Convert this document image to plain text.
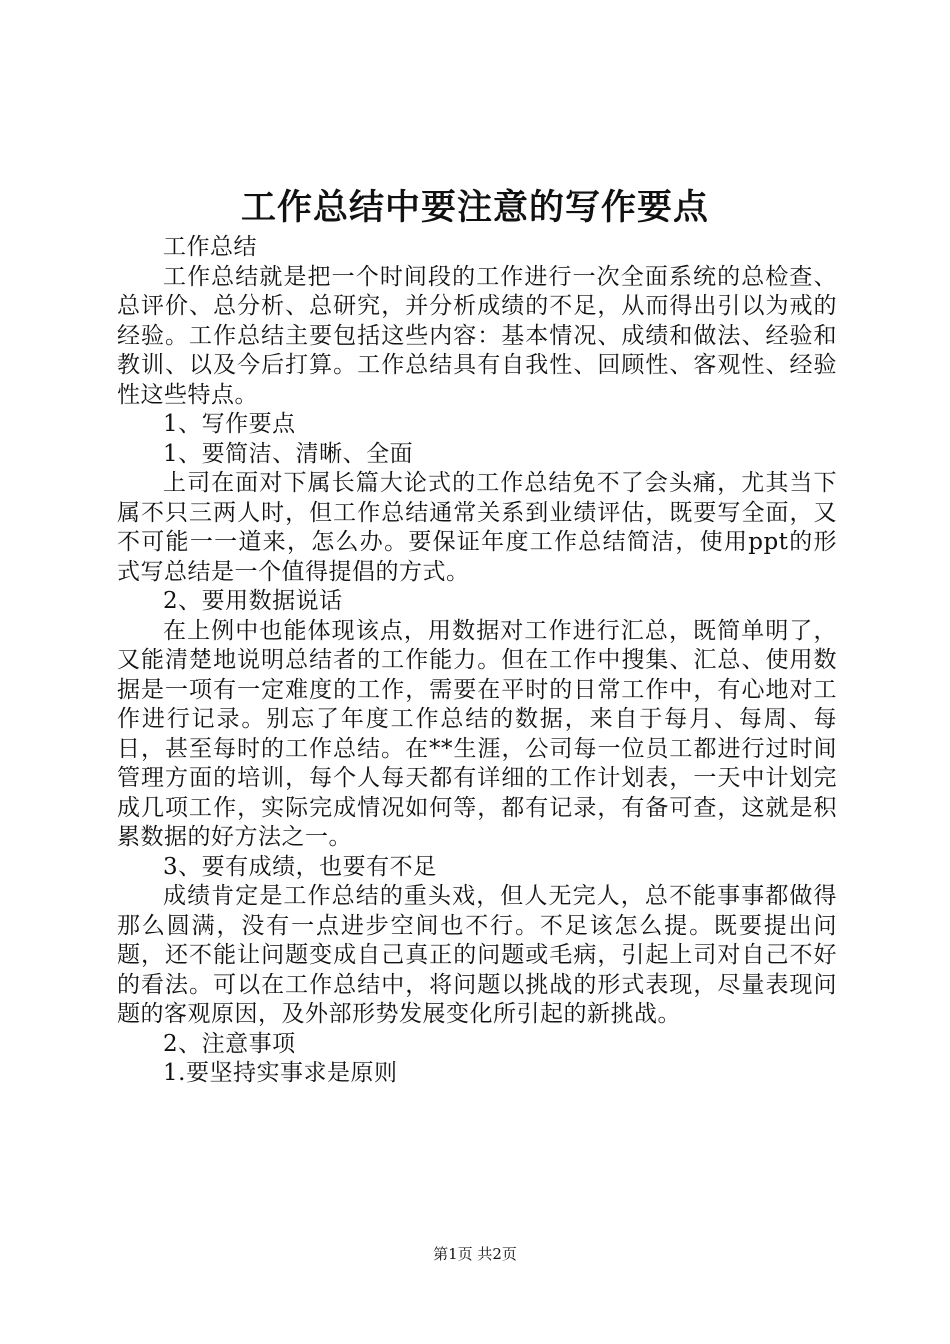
工作总结中要注意的写作要点

工作总结

工作总结就是把一个时间段的工作进行一次全面系统的总检查、总评价、总分析、总研究，并分析成绩的不足，从而得出引以为戒的经验。工作总结主要包括这些内容：基本情况、成绩和做法、经验和教训、以及今后打算。工作总结具有自我性、回顾性、客观性、经验性这些特点。

1、写作要点

1、要简洁、清晰、全面

上司在面对下属长篇大论式的工作总结免不了会头痛，尤其当下属不只三两人时，但工作总结通常关系到业绩评估，既要写全面，又不可能一一道来，怎么办。要保证年度工作总结简洁，使用ppt的形式写总结是一个值得提倡的方式。

2、要用数据说话

在上例中也能体现该点，用数据对工作进行汇总，既简单明了，又能清楚地说明总结者的工作能力。但在工作中搜集、汇总、使用数据是一项有一定难度的工作，需要在平时的日常工作中，有心地对工作进行记录。别忘了年度工作总结的数据，来自于每月、每周、每日，甚至每时的工作总结。在**生涯，公司每一位员工都进行过时间管理方面的培训，每个人每天都有详细的工作计划表，一天中计划完成几项工作，实际完成情况如何等，都有记录，有备可查，这就是积累数据的好方法之一。

3、要有成绩，也要有不足

成绩肯定是工作总结的重头戏，但人无完人，总不能事事都做得那么圆满，没有一点进步空间也不行。不足该怎么提。既要提出问题，还不能让问题变成自己真正的问题或毛病，引起上司对自己不好的看法。可以在工作总结中，将问题以挑战的形式表现，尽量表现问题的客观原因，及外部形势发展变化所引起的新挑战。

2、注意事项

1.要坚持实事求是原则

第1页 共2页
